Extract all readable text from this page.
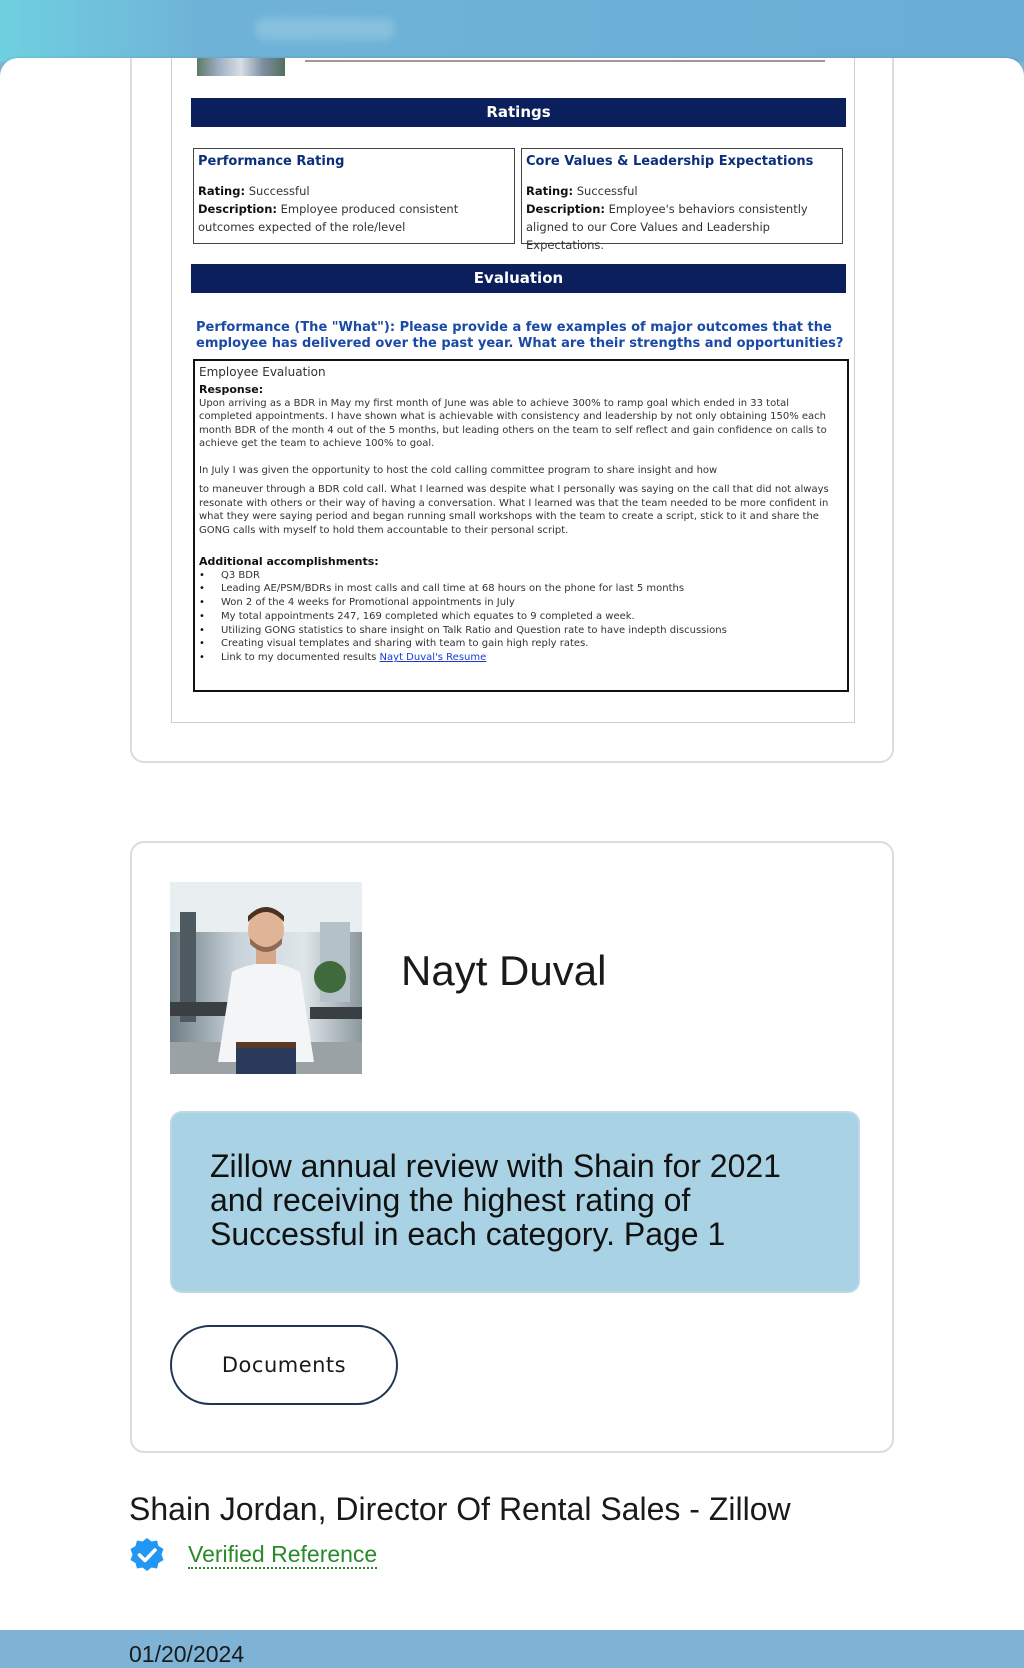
Ratings
Performance Rating
Rating: Successful
Description: Employee produced consistent outcomes expected of the role/level
Core Values & Leadership Expectations
Rating: Successful
Description: Employee's behaviors consistently aligned to our Core Values and Leadership Expectations.
Evaluation
Performance (The "What"): Please provide a few examples of major outcomes that the employee has delivered over the past year. What are their strengths and opportunities?
Employee Evaluation
Response:

Upon arriving as a BDR in May my first month of June was able to achieve 300% to ramp goal which ended in 33 total completed appointments. I have shown what is achievable with consistency and leadership by not only obtaining 150% each month BDR of the month 4 out of the 5 months, but leading others on the team to self reflect and gain confidence on calls to achieve get the team to achieve 100% to goal.

In July I was given the opportunity to host the cold calling committee program to share insight and how

to maneuver through a BDR cold call. What I learned was despite what I personally was saying on the call that did not always resonate with others or their way of having a conversation. What I learned was that the team needed to be more confident in what they were saying period and began running small workshops with the team to create a script, stick to it and share the GONG calls with myself to hold them accountable to their personal script.

Additional accomplishments:
• Q3 BDR
• Leading AE/PSM/BDRs in most calls and call time at 68 hours on the phone for last 5 months
• Won 2 of the 4 weeks for Promotional appointments in July
• My total appointments 247, 169 completed which equates to 9 completed a week.
• Utilizing GONG statistics to share insight on Talk Ratio and Question rate to have indepth discussions
• Creating visual templates and sharing with team to gain high reply rates.
• Link to my documented results Nayt Duval's Resume
Nayt Duval
Zillow annual review with Shain for 2021 and receiving the highest rating of Successful in each category. Page 1
Documents
Shain Jordan, Director Of Rental Sales - Zillow
Verified Reference
01/20/2024
